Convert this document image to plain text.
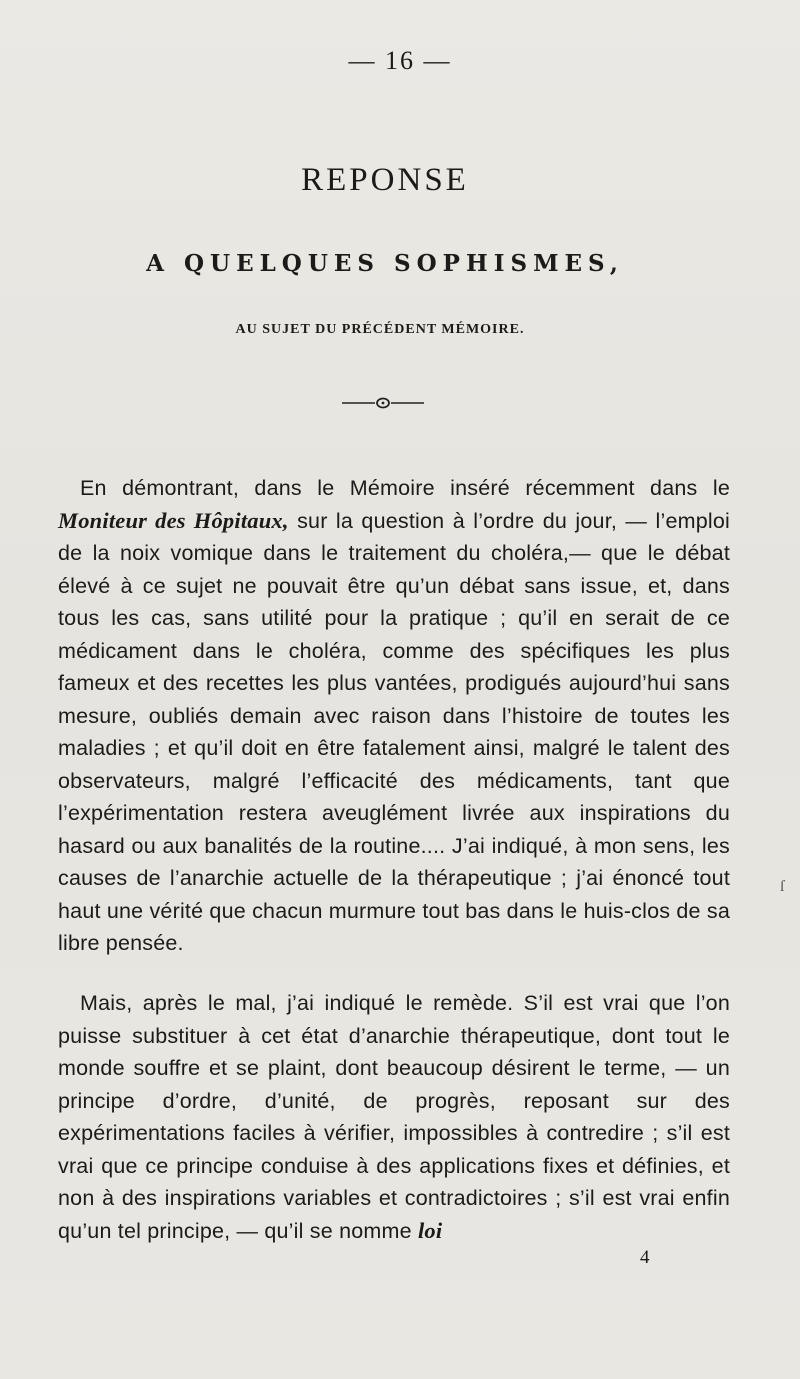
— 16 —
REPONSE
A QUELQUES SOPHISMES,
AU SUJET DU PRÉCÉDENT MÉMOIRE.

En démontrant, dans le Mémoire inséré récemment dans le Moniteur des Hôpitaux, sur la question à l’ordre du jour, — l’emploi de la noix vomique dans le traitement du choléra,— que le débat élevé à ce sujet ne pouvait être qu’un débat sans issue, et, dans tous les cas, sans utilité pour la pratique ; qu’il en serait de ce médicament dans le choléra, comme des spécifiques les plus fameux et des recettes les plus vantées, prodigués aujourd’hui sans mesure, oubliés demain avec raison dans l’histoire de toutes les maladies ; et qu’il doit en être fatalement ainsi, malgré le talent des observateurs, malgré l’efficacité des médicaments, tant que l’expérimentation restera aveuglément livrée aux inspirations du hasard ou aux banalités de la routine.... J’ai indiqué, à mon sens, les causes de l’anarchie actuelle de la thérapeutique ; j’ai énoncé tout haut une vérité que chacun murmure tout bas dans le huis-clos de sa libre pensée.

Mais, après le mal, j’ai indiqué le remède. S’il est vrai que l’on puisse substituer à cet état d’anarchie thérapeutique, dont tout le monde souffre et se plaint, dont beaucoup désirent le terme, — un principe d’ordre, d’unité, de progrès, reposant sur des expérimentations faciles à vérifier, impossibles à contredire ; s’il est vrai que ce principe conduise à des applications fixes et définies, et non à des inspirations variables et contradictoires ; s’il est vrai enfin qu’un tel principe, — qu’il se nomme loi

4
ſ
